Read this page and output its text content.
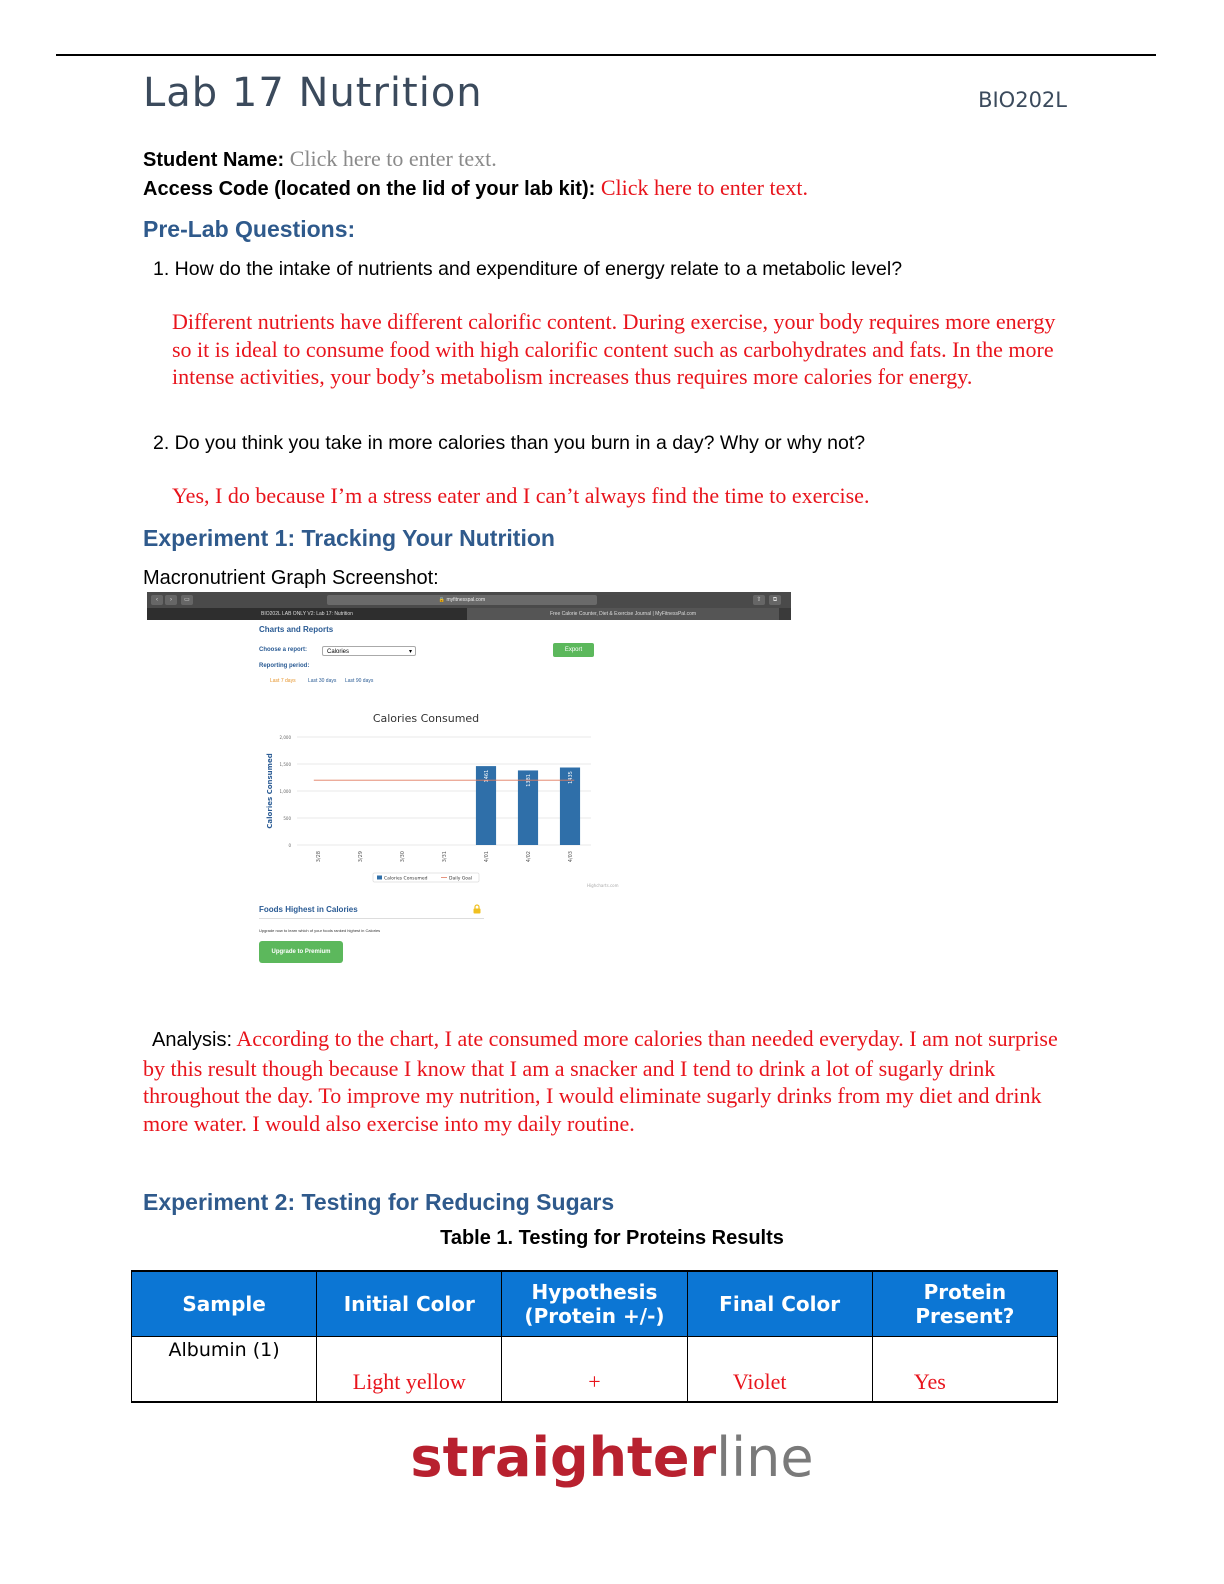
Lab 17 Nutrition	BIO202L
Student Name: Click here to enter text.
Access Code (located on the lid of your lab kit): Click here to enter text.
Pre-Lab Questions:
1. How do the intake of nutrients and expenditure of energy relate to a metabolic level?
Different nutrients have different calorific content. During exercise, your body requires more energy so it is ideal to consume food with high calorific content such as carbohydrates and fats. In the more intense activities, your body’s metabolism increases thus requires more calories for energy.
2. Do you think you take in more calories than you burn in a day? Why or why not?
Yes, I do because I’m a stress eater and I can’t always find the time to exercise.
Experiment 1: Tracking Your Nutrition
Macronutrient Graph Screenshot:
‹	›	▭	🔒 myfitnesspal.com	⇧	⧉
BIO202L LAB ONLY V2: Lab 17: Nutrition	Free Calorie Counter, Diet & Exercise Journal | MyFitnessPal.com
Charts and Reports
Choose a report:	Calories	▾	Export
Reporting period:
Last 7 days Last 30 days Last 90 days
Calories Consumed
Calories Consumed
0
500
1,000
1,500
2,000
1461	1381	1435
3/28	3/29	3/30	3/31	4/01	4/02	4/03
Calories Consumed	Daily Goal
Highcharts.com
Foods Highest in Calories
Upgrade now to learn which of your foods ranked highest in Calories
Upgrade to Premium
Analysis: According to the chart, I ate consumed more calories than needed everyday. I am not surprise by this result though because I know that I am a snacker and I tend to drink a lot of sugarly drink throughout the day. To improve my nutrition, I would eliminate sugarly drinks from my diet and drink more water. I would also exercise into my daily routine.
Experiment 2: Testing for Reducing Sugars
Table 1. Testing for Proteins Results
Sample	Initial Color	Hypothesis (Protein +/-)	Final Color	Protein Present?

Albumin (1)	Light yellow	+	Violet	Yes
straighterline
